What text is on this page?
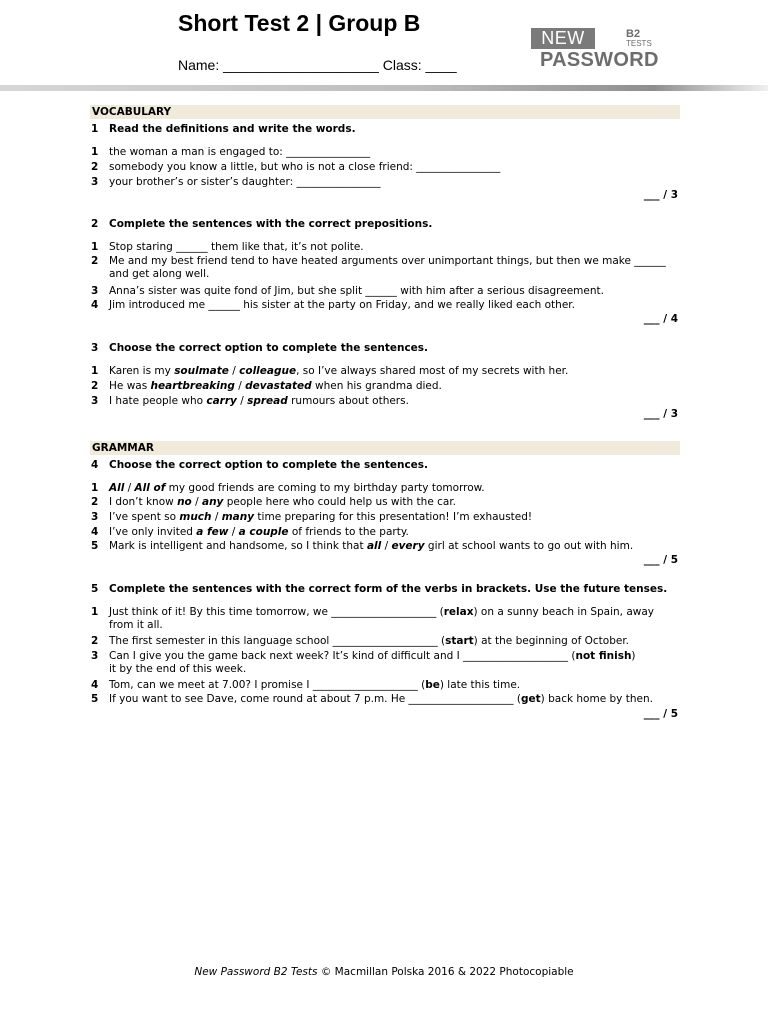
Short Test 2 | Group B
Name: ____________________ Class: ____
NEW	B2
TESTS
PASSWORD
VOCABULARY
1 Read the definitions and write the words.
1 the woman a man is engaged to: ________________
2 somebody you know a little, but who is not a close friend: ________________
3 your brother’s or sister’s daughter: ________________
___ / 3
2 Complete the sentences with the correct prepositions.
1 Stop staring ______ them like that, it’s not polite.
2 Me and my best friend tend to have heated arguments over unimportant things, but then we make ______
and get along well.
3 Anna’s sister was quite fond of Jim, but she split ______ with him after a serious disagreement.
4 Jim introduced me ______ his sister at the party on Friday, and we really liked each other.
___ / 4
3 Choose the correct option to complete the sentences.
1 Karen is my soulmate / colleague, so I’ve always shared most of my secrets with her.
2 He was heartbreaking / devastated when his grandma died.
3 I hate people who carry / spread rumours about others.
___ / 3
GRAMMAR
4 Choose the correct option to complete the sentences.
1 All / All of my good friends are coming to my birthday party tomorrow.
2 I don’t know no / any people here who could help us with the car.
3 I’ve spent so much / many time preparing for this presentation! I’m exhausted!
4 I’ve only invited a few / a couple of friends to the party.
5 Mark is intelligent and handsome, so I think that all / every girl at school wants to go out with him.
___ / 5
5 Complete the sentences with the correct form of the verbs in brackets. Use the future tenses.
1 Just think of it! By this time tomorrow, we ____________________ (relax) on a sunny beach in Spain, away
from it all.
2 The first semester in this language school ____________________ (start) at the beginning of October.
3 Can I give you the game back next week? It’s kind of difficult and I ____________________ (not finish)
it by the end of this week.
4 Tom, can we meet at 7.00? I promise I ____________________ (be) late this time.
5 If you want to see Dave, come round at about 7 p.m. He ____________________ (get) back home by then.
___ / 5
New Password B2 Tests © Macmillan Polska 2016 & 2022 Photocopiable
